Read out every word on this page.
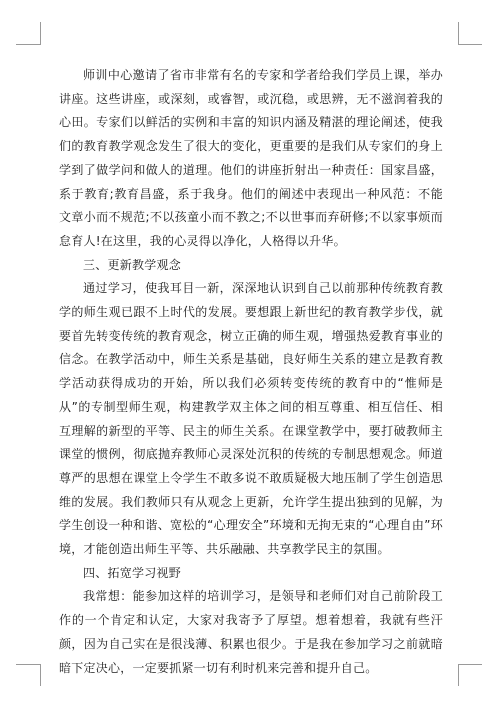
师训中心邀请了省市非常有名的专家和学者给我们学员上课，举办讲座。这些讲座，或深刻，或睿智，或沉稳，或思辨，无不滋润着我的心田。专家们以鲜活的实例和丰富的知识内涵及精湛的理论阐述，使我们的教育教学观念发生了很大的变化，更重要的是我们从专家们的身上学到了做学问和做人的道理。他们的讲座折射出一种责任：国家昌盛，系于教育;教育昌盛，系于我身。他们的阐述中表现出一种风范：不能文章小而不规范;不以孩童小而不教之;不以世事而弃研修;不以家事烦而怠育人!在这里，我的心灵得以净化，人格得以升华。

三、更新教学观念

通过学习，使我耳目一新，深深地认识到自己以前那种传统教育教学的师生观已跟不上时代的发展。要想跟上新世纪的教育教学步伐，就要首先转变传统的教育观念，树立正确的师生观，增强热爱教育事业的信念。在教学活动中，师生关系是基础，良好师生关系的建立是教育教学活动获得成功的开始，所以我们必须转变传统的教育中的“惟师是从”的专制型师生观，构建教学双主体之间的相互尊重、相互信任、相互理解的新型的平等、民主的师生关系。在课堂教学中，要打破教师主课堂的惯例，彻底抛弃教师心灵深处沉积的传统的专制思想观念。师道尊严的思想在课堂上令学生不敢多说不敢质疑极大地压制了学生创造思维的发展。我们教师只有从观念上更新，允许学生提出独到的见解，为学生创设一种和谐、宽松的“心理安全”环境和无拘无束的“心理自由”环境，才能创造出师生平等、共乐融融、共享教学民主的氛围。

四、拓宽学习视野

我常想：能参加这样的培训学习，是领导和老师们对自己前阶段工作的一个肯定和认定，大家对我寄予了厚望。想着想着，我就有些汗颜，因为自己实在是很浅薄、积累也很少。于是我在参加学习之前就暗暗下定决心，一定要抓紧一切有利时机来完善和提升自己。
